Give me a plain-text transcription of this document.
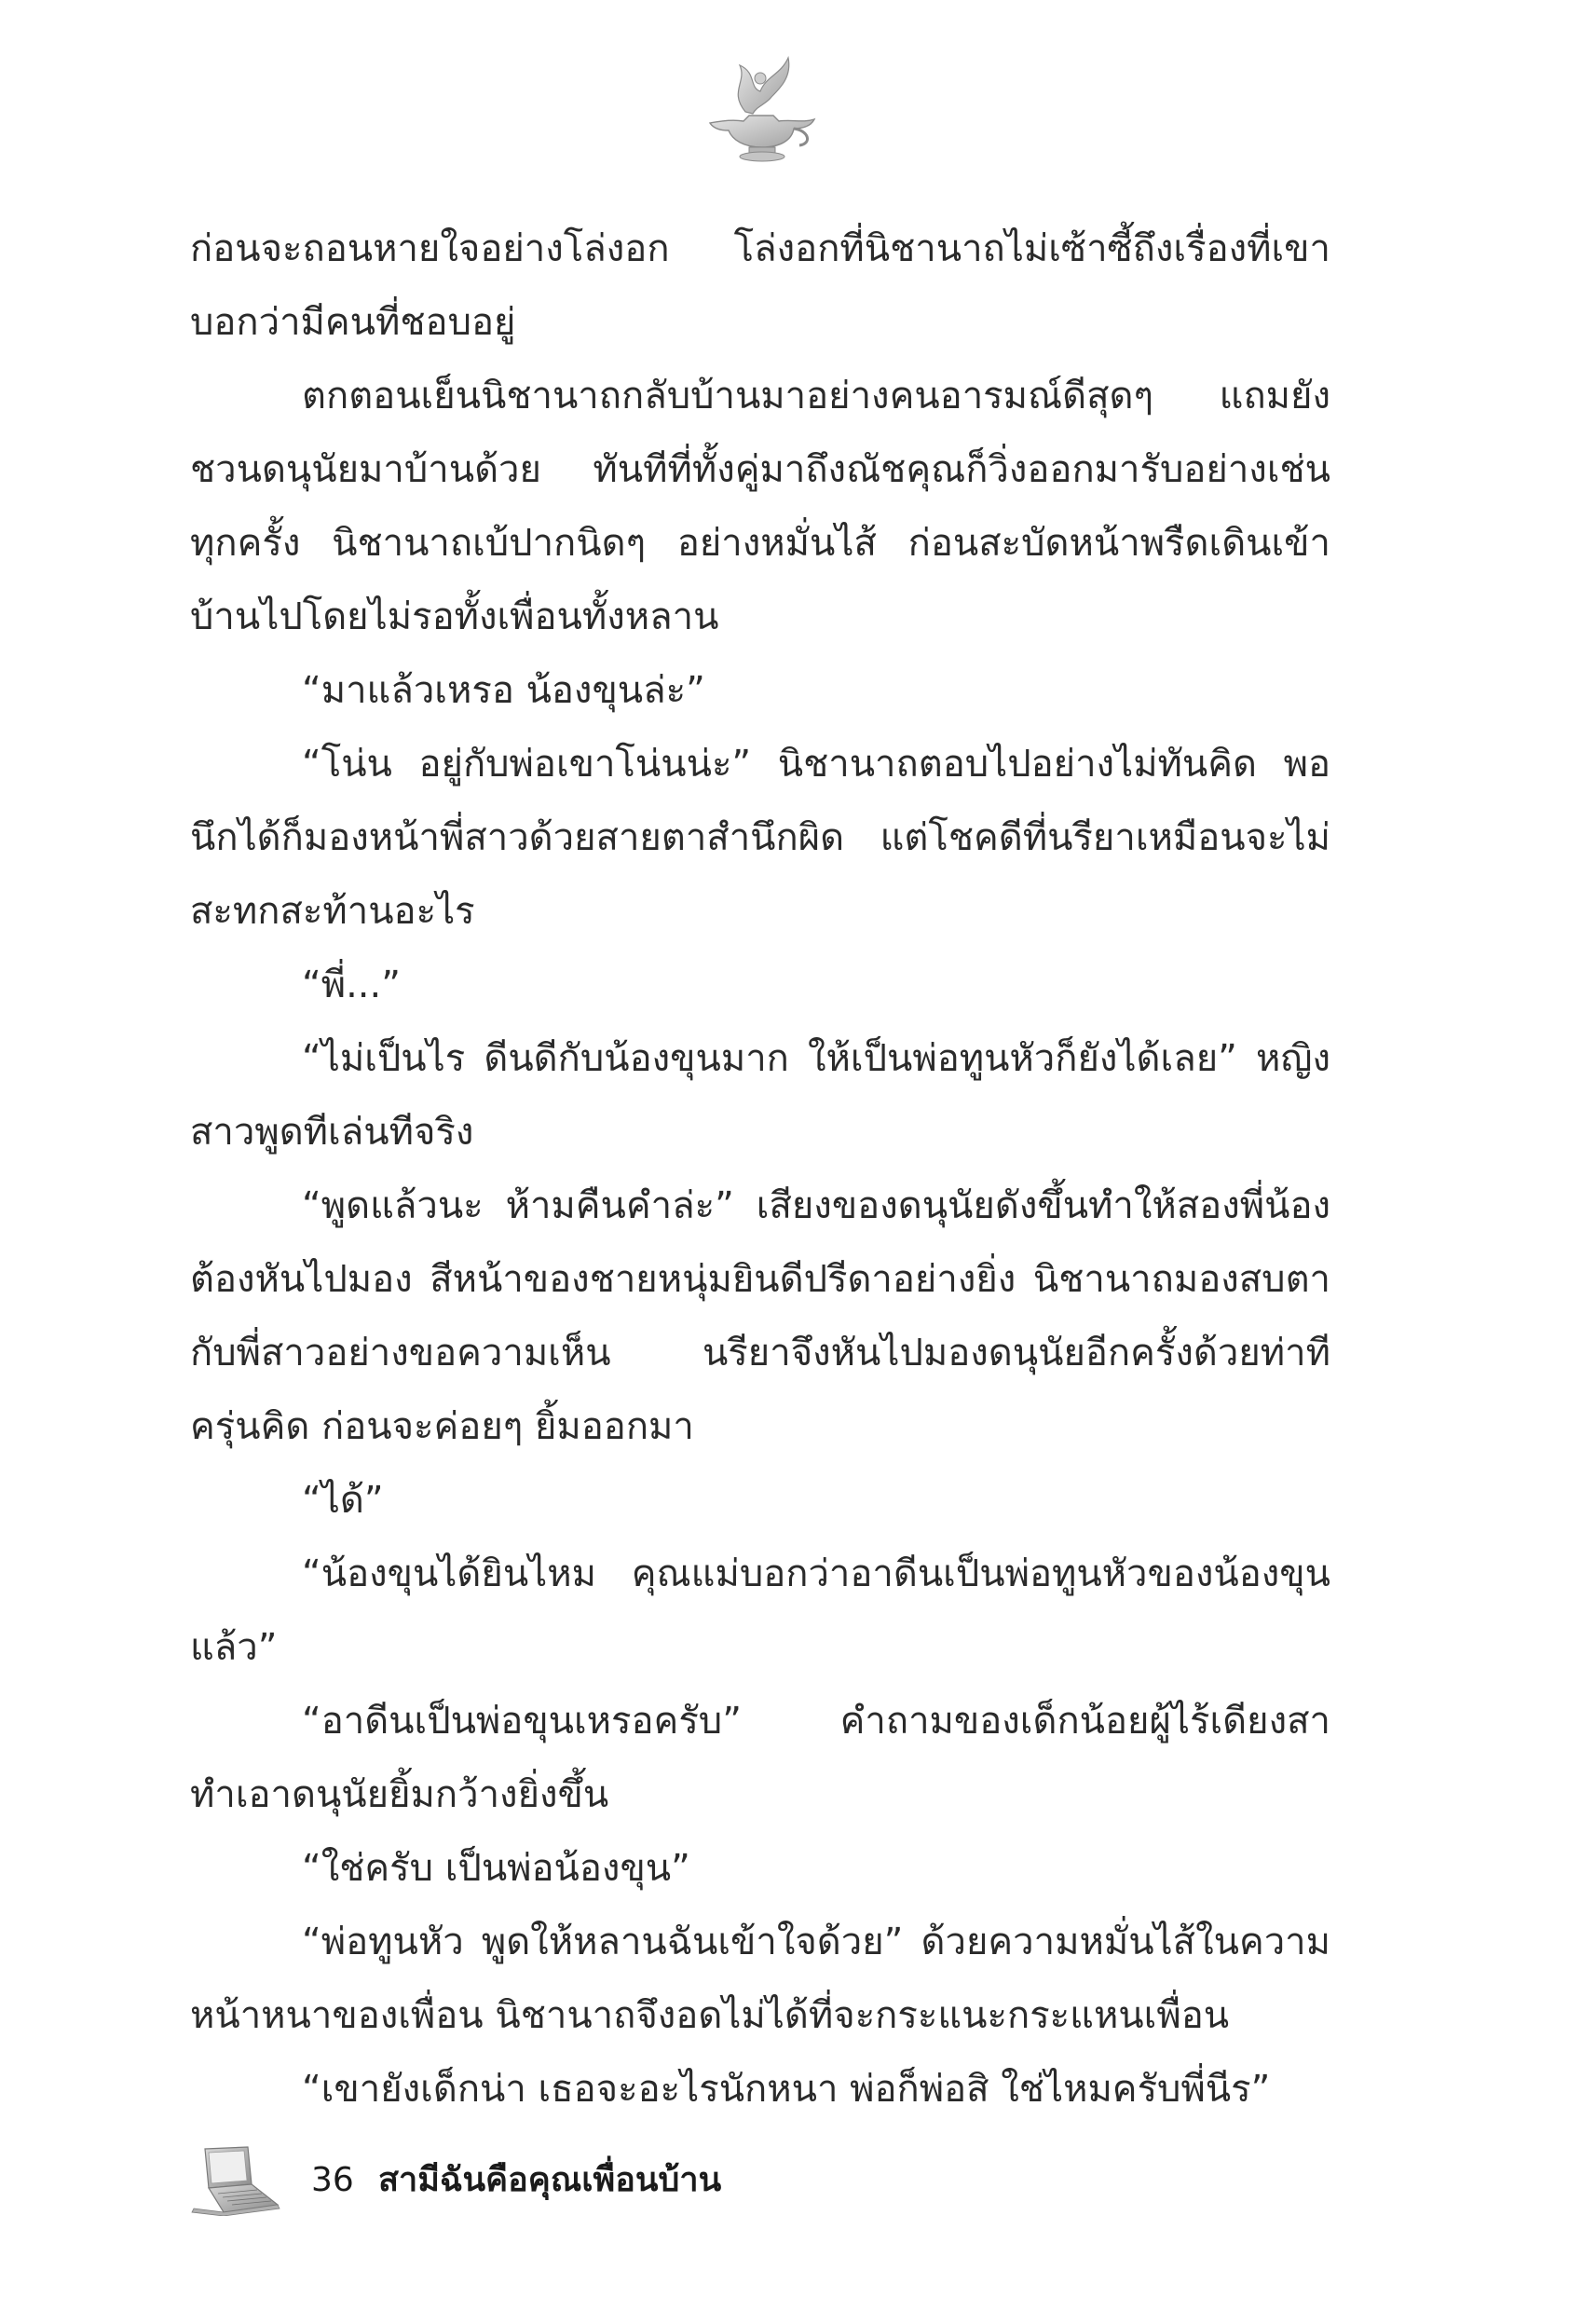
ก่อนจะถอนหายใจอย่างโล่งอก โล่งอกที่นิชานาถไม่เซ้าซี้ถึงเรื่องที่เขาบอกว่ามีคนที่ชอบอยู่

ตกตอนเย็นนิชานาถกลับบ้านมาอย่างคนอารมณ์ดีสุดๆ แถมยังชวนดนุนัยมาบ้านด้วย ทันทีที่ทั้งคู่มาถึงณัชคุณก็วิ่งออกมารับอย่างเช่นทุกครั้ง นิชานาถเบ้ปากนิดๆ อย่างหมั่นไส้ ก่อนสะบัดหน้าพรืดเดินเข้าบ้านไปโดยไม่รอทั้งเพื่อนทั้งหลาน

“มาแล้วเหรอ น้องขุนล่ะ”

“โน่น อยู่กับพ่อเขาโน่นน่ะ” นิชานาถตอบไปอย่างไม่ทันคิด พอนึกได้ก็มองหน้าพี่สาวด้วยสายตาสำนึกผิด แต่โชคดีที่นรียาเหมือนจะไม่สะทกสะท้านอะไร

“พี่...”

“ไม่เป็นไร ดีนดีกับน้องขุนมาก ให้เป็นพ่อทูนหัวก็ยังได้เลย” หญิงสาวพูดทีเล่นทีจริง

“พูดแล้วนะ ห้ามคืนคำล่ะ” เสียงของดนุนัยดังขึ้นทำให้สองพี่น้องต้องหันไปมอง สีหน้าของชายหนุ่มยินดีปรีดาอย่างยิ่ง นิชานาถมองสบตากับพี่สาวอย่างขอความเห็น นรียาจึงหันไปมองดนุนัยอีกครั้งด้วยท่าทีครุ่นคิด ก่อนจะค่อยๆ ยิ้มออกมา

“ได้”

“น้องขุนได้ยินไหม คุณแม่บอกว่าอาดีนเป็นพ่อทูนหัวของน้องขุนแล้ว”

“อาดีนเป็นพ่อขุนเหรอครับ” คำถามของเด็กน้อยผู้ไร้เดียงสาทำเอาดนุนัยยิ้มกว้างยิ่งขึ้น

“ใช่ครับ เป็นพ่อน้องขุน”

“พ่อทูนหัว พูดให้หลานฉันเข้าใจด้วย” ด้วยความหมั่นไส้ในความหน้าหนาของเพื่อน นิชานาถจึงอดไม่ได้ที่จะกระแนะกระแหนเพื่อน

“เขายังเด็กน่า เธอจะอะไรนักหนา พ่อก็พ่อสิ ใช่ไหมครับพี่นีร”

36 สามีฉันคือคุณเพื่อนบ้าน
